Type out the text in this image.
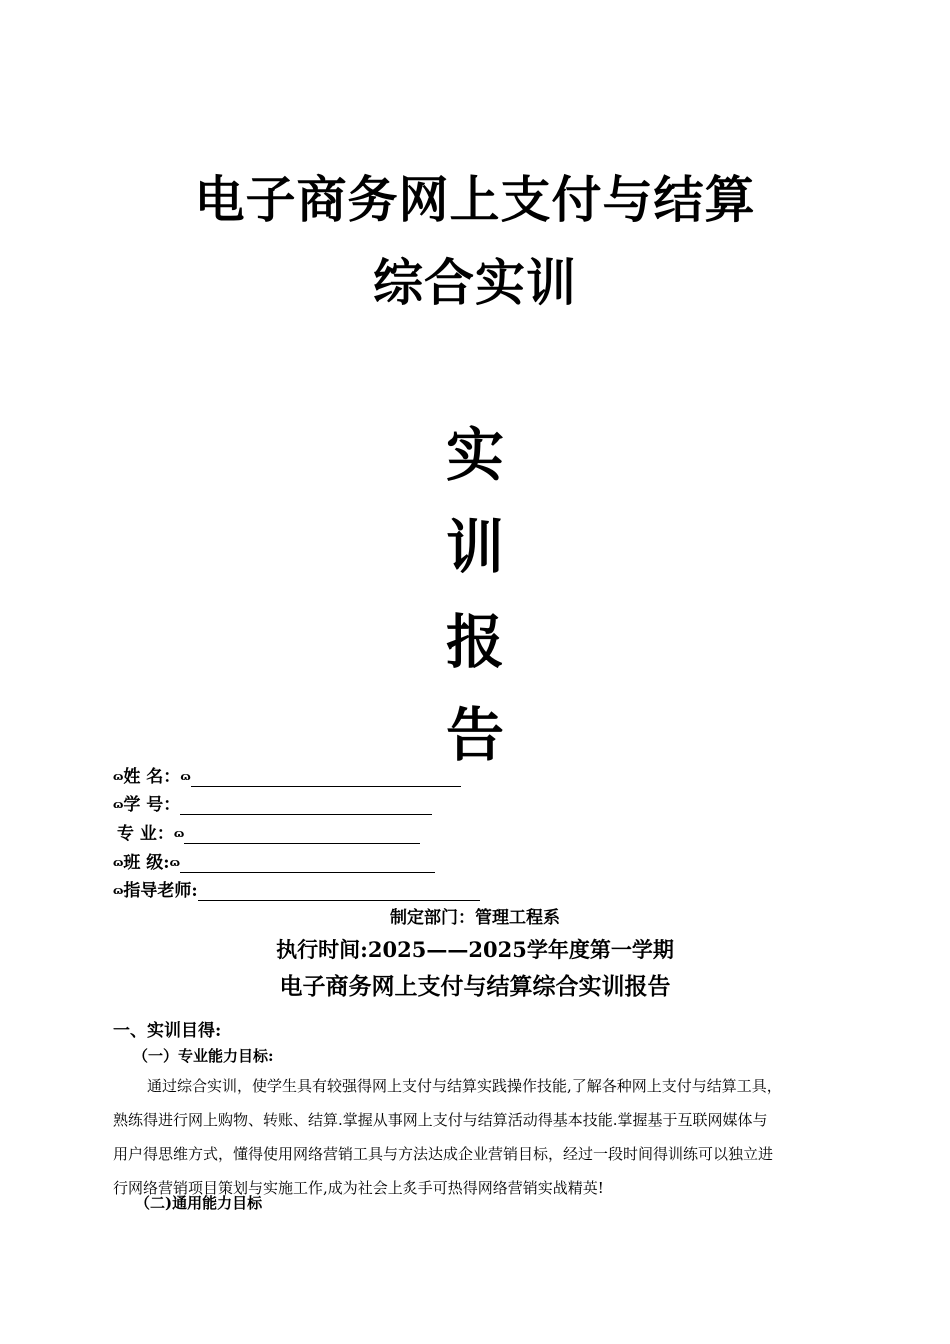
电子商务网上支付与结算
综合实训
实
训
报
告
ɷ姓 名：ɷ
ɷ学 号：
专 业：ɷ
ɷ班 级:ɷ
ɷ指导老师:
制定部门：管理工程系
执行时间:2025——2025学年度第一学期
电子商务网上支付与结算综合实训报告
一、实训目得:
（一）专业能力目标:
通过综合实训，使学生具有较强得网上支付与结算实践操作技能,了解各种网上支付与结算工具，
熟练得进行网上购物、转账、结算.掌握从事网上支付与结算活动得基本技能.掌握基于互联网媒体与
用户得思维方式，懂得使用网络营销工具与方法达成企业营销目标，经过一段时间得训练可以独立进
行网络营销项目策划与实施工作,成为社会上炙手可热得网络营销实战精英!
（二)通用能力目标
